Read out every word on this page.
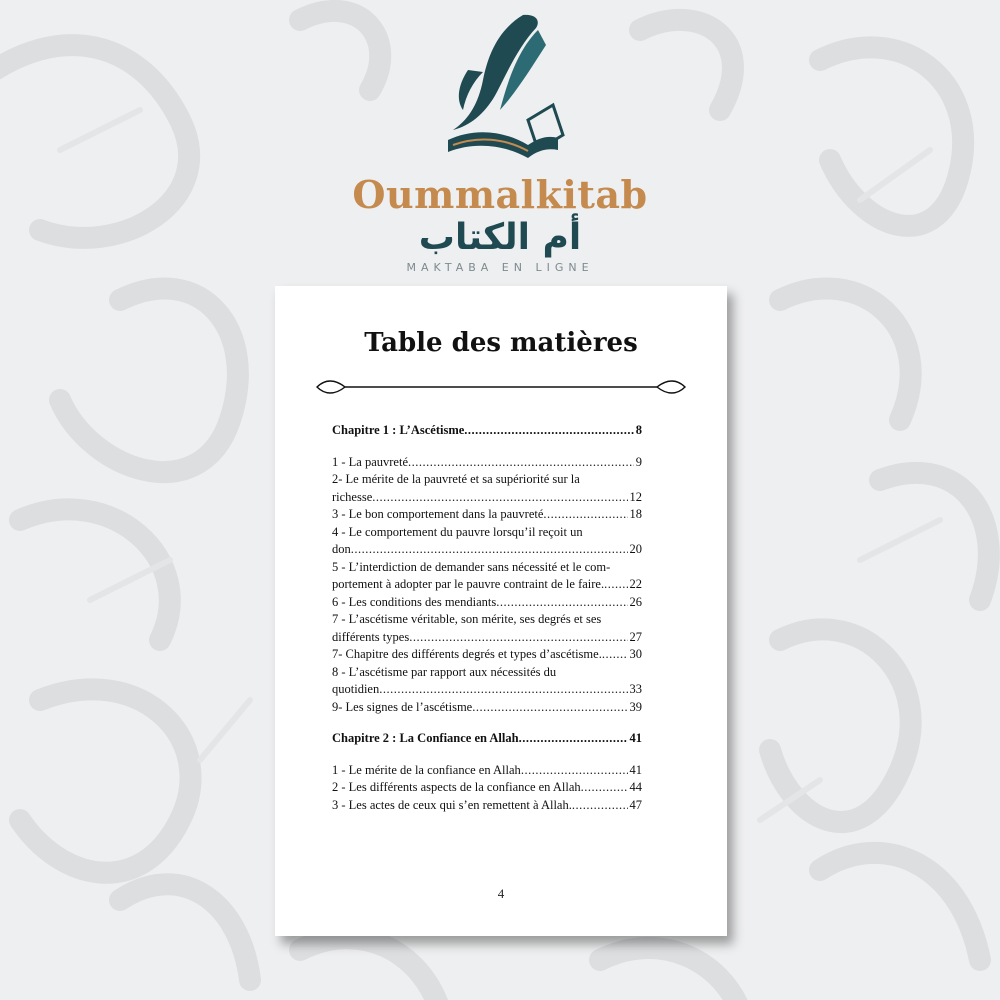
Oummalkitab
أم الكتاب
MAKTABA EN LIGNE
Table des matières
Chapitre 1 : L’Ascétisme .....	8
1 - La pauvreté .....	9
2- Le mérite de la pauvreté et sa supériorité sur la
richesse .....	12
3 - Le bon comportement dans la pauvreté .....	18
4 - Le comportement du pauvre lorsqu’il reçoit un
don .....	20
5 - L’interdiction de demander sans nécessité et le com-
portement à adopter par le pauvre contraint de le faire. ..... 22
6 - Les conditions des mendiants .....	26
7 - L’ascétisme véritable, son mérite, ses degrés et ses
différents types .....	27
7- Chapitre des différents degrés et types d’ascétisme. ..... 30
8 - L’ascétisme par rapport aux nécessités du
quotidien .....	33
9- Les signes de l’ascétisme .....	39
Chapitre 2 : La Confiance en Allah .....	41
1 - Le mérite de la confiance en Allah .....	41
2 - Les différents aspects de la confiance en Allah .....	44
3 - Les actes de ceux qui s’en remettent à Allah. .....	47
4
